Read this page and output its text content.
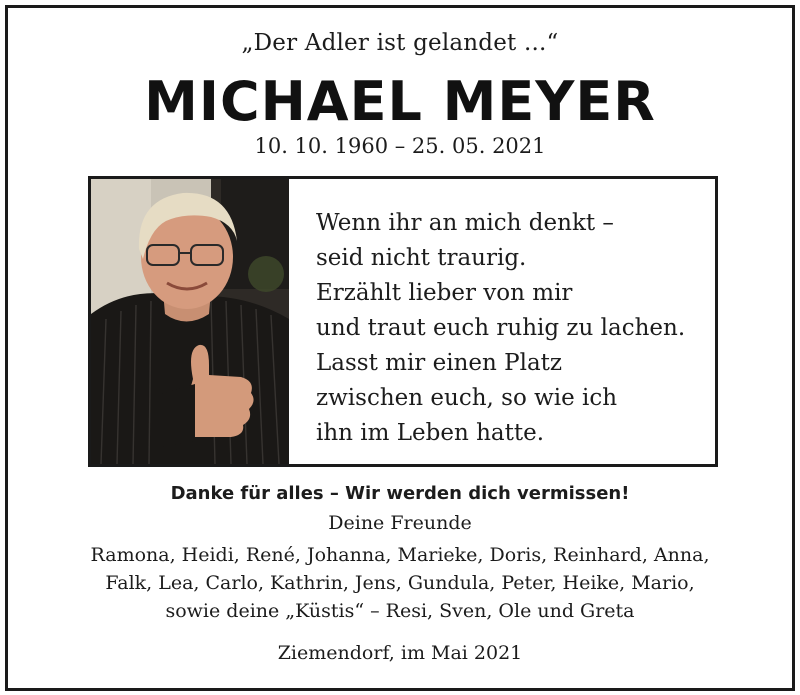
„Der Adler ist gelandet ...“
MICHAEL MEYER
10. 10. 1960 – 25. 05. 2021
Wenn ihr an mich denkt –
seid nicht traurig.
Erzählt lieber von mir
und traut euch ruhig zu lachen.
Lasst mir einen Platz
zwischen euch, so wie ich
ihn im Leben hatte.
Danke für alles – Wir werden dich vermissen!
Deine Freunde
Ramona, Heidi, René, Johanna, Marieke, Doris, Reinhard, Anna,
Falk, Lea, Carlo, Kathrin, Jens, Gundula, Peter, Heike, Mario,
sowie deine „Küstis“ – Resi, Sven, Ole und Greta
Ziemendorf, im Mai 2021
